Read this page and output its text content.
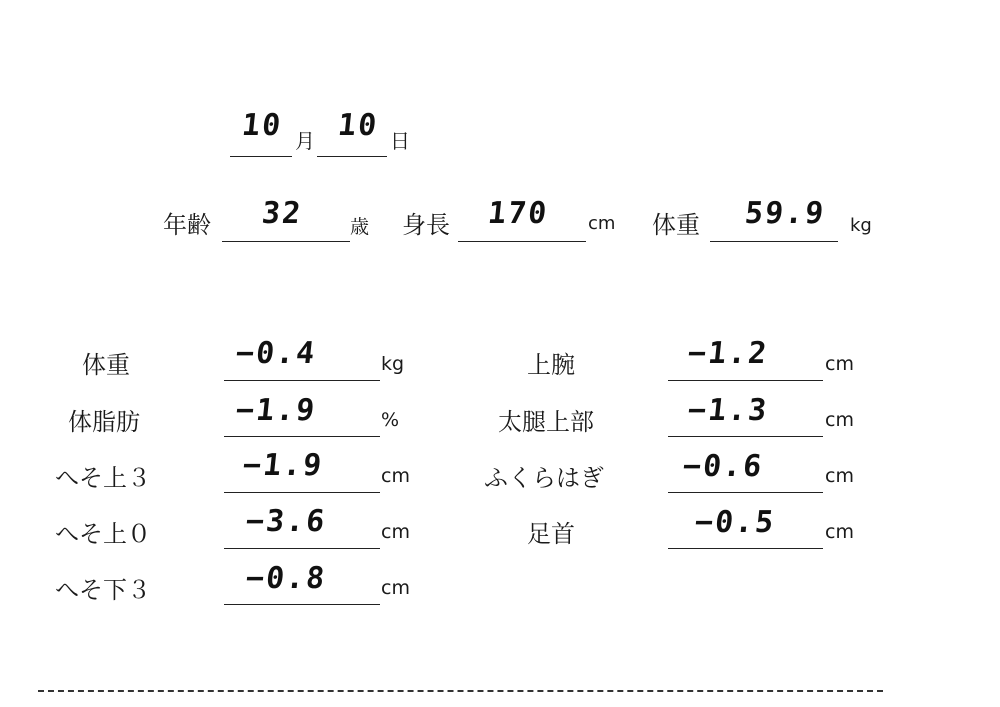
10 月 10 日
年齢 32 歳 身長 170 cm 体重 59.9 kg
体重	−0.4	kg
体脂肪	−1.9	%
へそ上３	−1.9	cm
へそ上０	−3.6	cm
へそ下３	−0.8	cm
上腕	−1.2	cm
太腿上部	−1.3	cm
ふくらはぎ	−0.6	cm
足首	−0.5	cm
